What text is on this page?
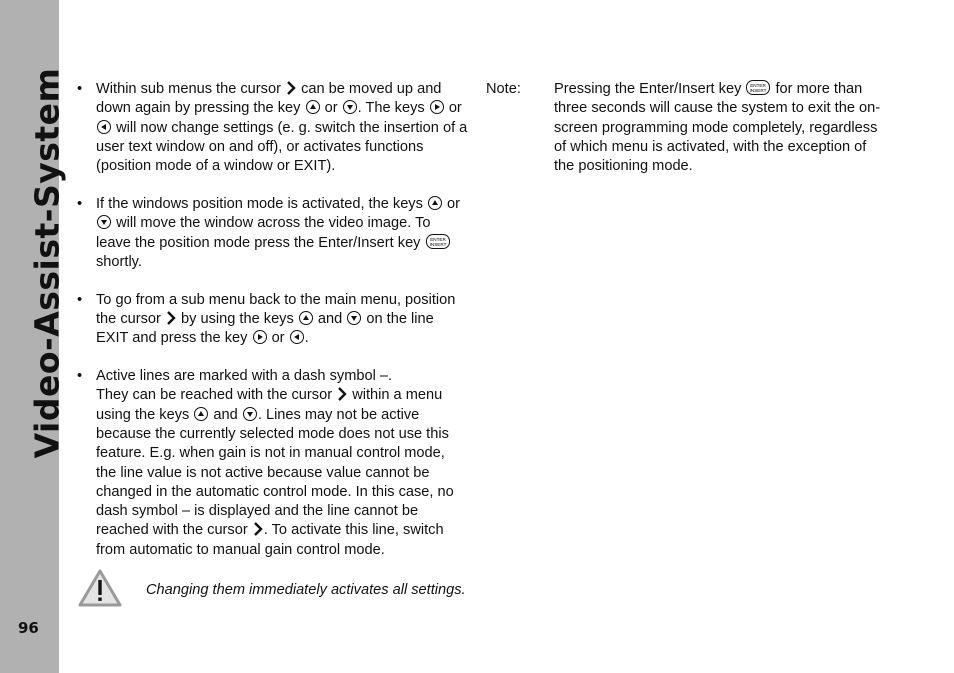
Video-Assist-System
96
• Within sub menus the cursor can be moved up and down again by pressing the key or . The keys or  will now change settings (e. g. switch the insertion of a user text window on and off), or activates functions (position mode of a window or EXIT).
• If the windows position mode is activated, the keys or  will move the window across the video image. To leave the position mode press the Enter/Insert key ENTER
INSERT
shortly.
• To go from a sub menu back to the main menu, position the cursor by using the keys and on the line EXIT and press the key or .
• Active lines are marked with a dash symbol –.
They can be reached with the cursor within a menu using the keys and . Lines may not be active because the currently selected mode does not use this feature. E.g. when gain is not in manual control mode, the line value is not active because value cannot be changed in the automatic control mode. In this case, no dash symbol – is displayed and the line cannot be reached with the cursor . To activate this line, switch from automatic to manual gain control mode.
Changing them immediately activates all settings.
Note: Pressing the Enter/Insert key ENTER
INSERT for more than three seconds will cause the system to exit the on-screen programming mode completely, regardless of which menu is activated, with the exception of the positioning mode.
